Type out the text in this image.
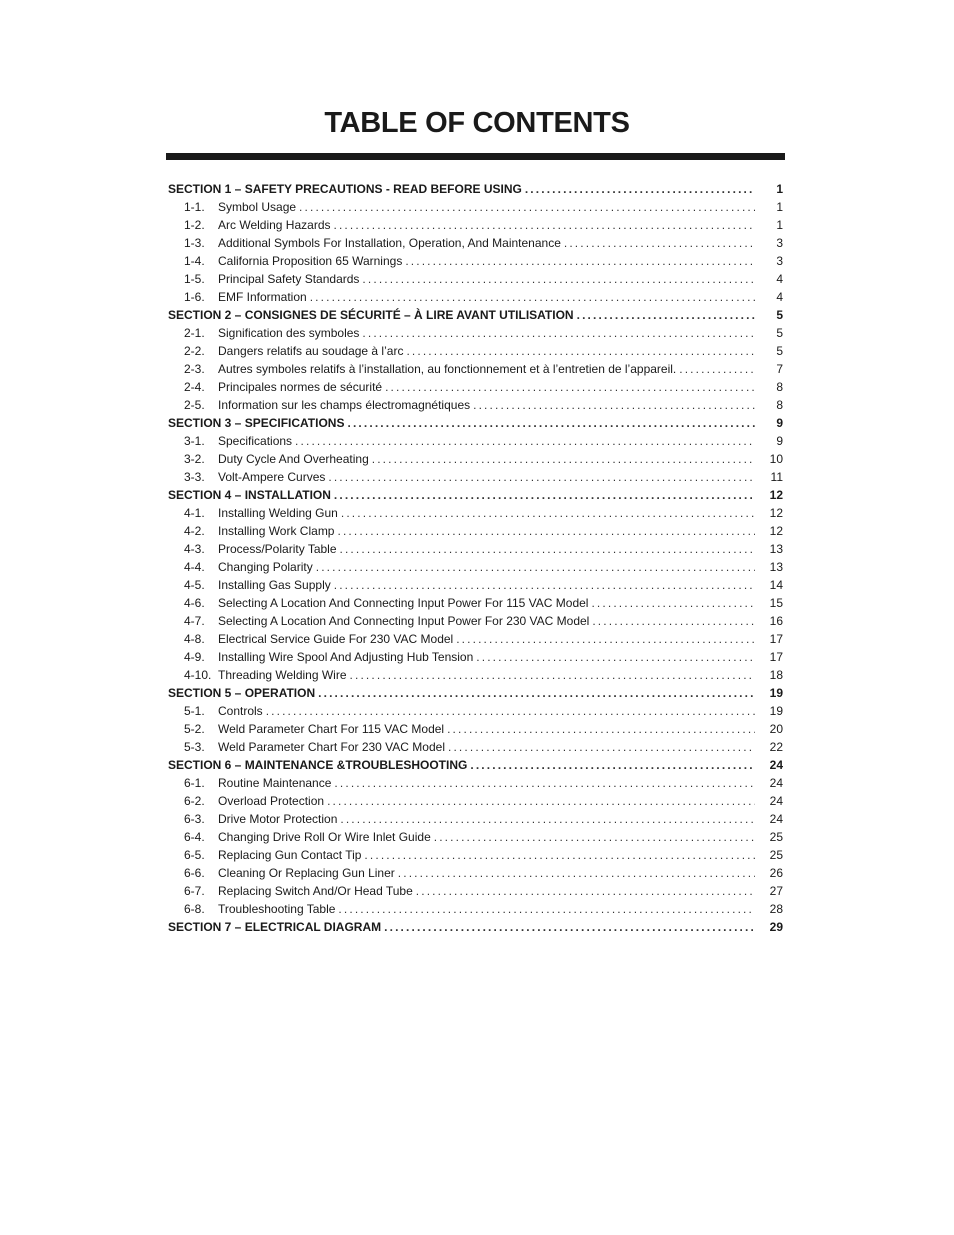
TABLE OF CONTENTS
SECTION 1 – SAFETY PRECAUTIONS - READ BEFORE USING . . .	1
1-1.	Symbol Usage . . .	1
1-2.	Arc Welding Hazards . . .	1
1-3.	Additional Symbols For Installation, Operation, And Maintenance . . .	3
1-4.	California Proposition 65 Warnings . . .	3
1-5.	Principal Safety Standards . . .	4
1-6.	EMF Information . . .	4
SECTION 2 – CONSIGNES DE SÉCURITÉ – À LIRE AVANT UTILISATION . . .	5
2-1.	Signification des symboles . . .	5
2-2.	Dangers relatifs au soudage à l’arc . . .	5
2-3.	Autres symboles relatifs à l’installation, au fonctionnement et à l’entretien de l’appareil. . . .	7
2-4.	Principales normes de sécurité . . .	8
2-5.	Information sur les champs électromagnétiques . . .	8
SECTION 3 – SPECIFICATIONS . . .	9
3-1.	Specifications . . .	9
3-2.	Duty Cycle And Overheating . . .	10
3-3.	Volt-Ampere Curves . . .	11
SECTION 4 – INSTALLATION . . .	12
4-1.	Installing Welding Gun . . .	12
4-2.	Installing Work Clamp . . .	12
4-3.	Process/Polarity Table . . .	13
4-4.	Changing Polarity . . .	13
4-5.	Installing Gas Supply . . .	14
4-6.	Selecting A Location And Connecting Input Power For 115 VAC Model . . .	15
4-7.	Selecting A Location And Connecting Input Power For 230 VAC Model . . .	16
4-8.	Electrical Service Guide For 230 VAC Model . . .	17
4-9.	Installing Wire Spool And Adjusting Hub Tension . . .	17
4-10. Threading Welding Wire . . .	18
SECTION 5 – OPERATION . . .	19
5-1.	Controls . . .	19
5-2.	Weld Parameter Chart For 115 VAC Model . . .	20
5-3.	Weld Parameter Chart For 230 VAC Model . . .	22
SECTION 6 – MAINTENANCE &TROUBLESHOOTING . . .	24
6-1.	Routine Maintenance . . .	24
6-2.	Overload Protection . . .	24
6-3.	Drive Motor Protection . . .	24
6-4.	Changing Drive Roll Or Wire Inlet Guide . . .	25
6-5.	Replacing Gun Contact Tip . . .	25
6-6.	Cleaning Or Replacing Gun Liner . . .	26
6-7.	Replacing Switch And/Or Head Tube . . .	27
6-8.	Troubleshooting Table . . .	28
SECTION 7 – ELECTRICAL DIAGRAM . . .	29
